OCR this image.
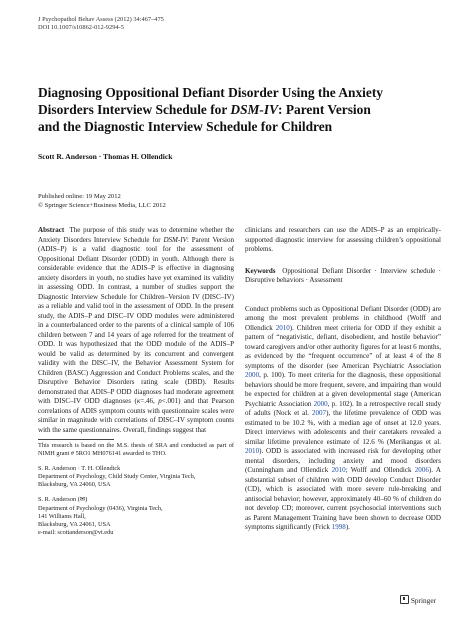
J Psychopathol Behav Assess (2012) 34:467–475
DOI 10.1007/s10862-012-9294-5
Diagnosing Oppositional Defiant Disorder Using the Anxiety
Disorders Interview Schedule for DSM-IV: Parent Version
and the Diagnostic Interview Schedule for Children
Scott R. Anderson · Thomas H. Ollendick
Published online: 19 May 2012
© Springer Science+Business Media, LLC 2012

Abstract The purpose of this study was to determine whether the Anxiety Disorders Interview Schedule for DSM-IV: Parent Version (ADIS–P) is a valid diagnostic tool for the assessment of Oppositional Defiant Disorder (ODD) in youth. Although there is considerable evidence that the ADIS–P is effective in diagnosing anxiety disorders in youth, no studies have yet examined its validity in assessing ODD. In contrast, a number of studies support the Diagnostic Interview Schedule for Children–Version IV (DISC–IV) as a reliable and valid tool in the assessment of ODD. In the present study, the ADIS–P and DISC–IV ODD modules were administered in a counterbalanced order to the parents of a clinical sample of 106 children between 7 and 14 years of age referred for the treatment of ODD. It was hypothesized that the ODD module of the ADIS–P would be valid as determined by its concurrent and convergent validity with the DISC–IV, the Behavior Assessment System for Children (BASC) Aggression and Conduct Problems scales, and the Disruptive Behavior Disorders rating scale (DBD). Results demonstrated that ADIS–P ODD diagnoses had moderate agreement with DISC–IV ODD diagnoses (κ=.46, p<.001) and that Pearson correlations of ADIS symptom counts with questionnaire scales were similar in magnitude with correlations of DISC–IV symptom counts with the same questionnaires. Overall, findings suggest that

This research is based on the M.S. thesis of SRA and conducted as part of NIMH grant # 5RO1 MH076141 awarded to THO.

S. R. Anderson · T. H. Ollendick

Department of Psychology, Child Study Center, Virginia Tech,

Blacksburg, VA 24060, USA

S. R. Anderson (✉)

Department of Psychology (0436), Virginia Tech,

141 Williams Hall,

Blacksburg, VA 24061, USA

e-mail: scottanderson@vt.edu

clinicians and researchers can use the ADIS–P as an empirically-supported diagnostic interview for assessing children’s oppositional problems.

Keywords Oppositional Defiant Disorder · Interview schedule · Disruptive behaviors · Assessment

Conduct problems such as Oppositional Defiant Disorder (ODD) are among the most prevalent problems in childhood (Wolff and Ollendick 2010). Children meet criteria for ODD if they exhibit a pattern of “negativistic, defiant, disobedient, and hostile behavior” toward caregivers and/or other authority figures for at least 6 months, as evidenced by the “frequent occurrence” of at least 4 of the 8 symptoms of the disorder (see American Psychiatric Association 2000, p. 100). To meet criteria for the diagnosis, these oppositional behaviors should be more frequent, severe, and impairing than would be expected for children at a given developmental stage (American Psychiatric Association 2000, p. 102). In a retrospective recall study of adults (Nock et al. 2007), the lifetime prevalence of ODD was estimated to be 10.2 %, with a median age of onset at 12.0 years. Direct interviews with adolescents and their caretakers revealed a similar lifetime prevalence estimate of 12.6 % (Merikangas et al. 2010). ODD is associated with increased risk for developing other mental disorders, including anxiety and mood disorders (Cunningham and Ollendick 2010; Wolff and Ollendick 2006). A substantial subset of children with ODD develop Conduct Disorder (CD), which is associated with more severe rule-breaking and antisocial behavior; however, approximately 40–60 % of children do not develop CD; moreover, current psychosocial interventions such as Parent Management Training have been shown to decrease ODD symptoms significantly (Frick 1998).

Springer
